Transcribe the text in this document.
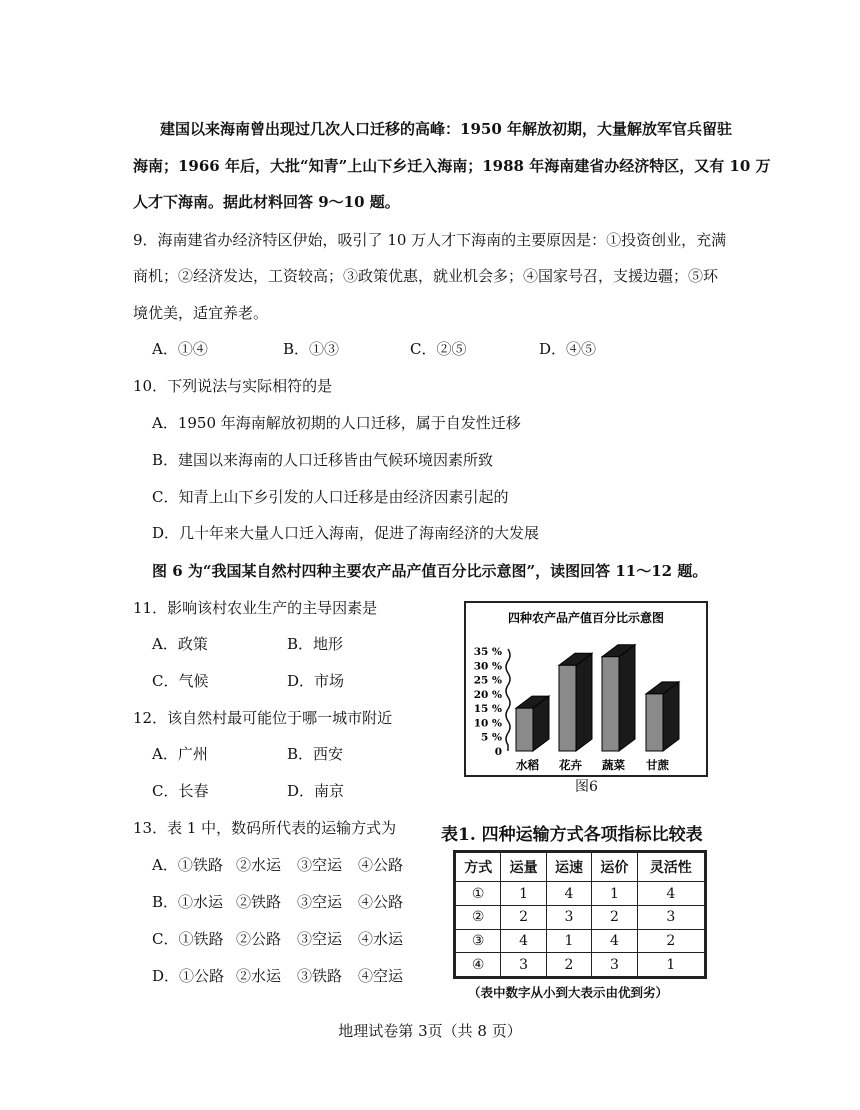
建国以来海南曾出现过几次人口迁移的高峰：1950 年解放初期，大量解放军官兵留驻
海南；1966 年后，大批“知青”上山下乡迁入海南；1988 年海南建省办经济特区，又有 10 万
人才下海南。据此材料回答 9～10 题。
9．海南建省办经济特区伊始，吸引了 10 万人才下海南的主要原因是：①投资创业，充满
商机；②经济发达，工资较高；③政策优惠，就业机会多；④国家号召，支援边疆；⑤环
境优美，适宜养老。
A．①④	B．①③	C．②⑤	D．④⑤
10．下列说法与实际相符的是
A．1950 年海南解放初期的人口迁移，属于自发性迁移
B．建国以来海南的人口迁移皆由气候环境因素所致
C．知青上山下乡引发的人口迁移是由经济因素引起的
D．几十年来大量人口迁入海南，促进了海南经济的大发展
图 6 为“我国某自然村四种主要农产品产值百分比示意图”，读图回答 11～12 题。
11．影响该村农业生产的主导因素是
A．政策	B．地形
C．气候	D．市场
12．该自然村最可能位于哪一城市附近
A．广州	B．西安
C．长春	D．南京
13．表 1 中，数码所代表的运输方式为
A．①铁路 ②水运 ③空运 ④公路
B．①水运 ②铁路 ③空运 ④公路
C．①铁路 ②公路 ③空运 ④水运
D．①公路 ②水运 ③铁路 ④空运
四种农产品产值百分比示意图
0
5 %
10 %
15 %
20 %
25 %
30 %
35 %
水稻 花卉 蔬菜 甘蔗
图6
表1. 四种运输方式各项指标比较表
方式	运量	运速	运价	灵活性
①	1	4	1	4
②	2	3	2	3
③	4	1	4	2
④	3	2	3	1
（表中数字从小到大表示由优到劣）
地理试卷第 3页（共 8 页）
